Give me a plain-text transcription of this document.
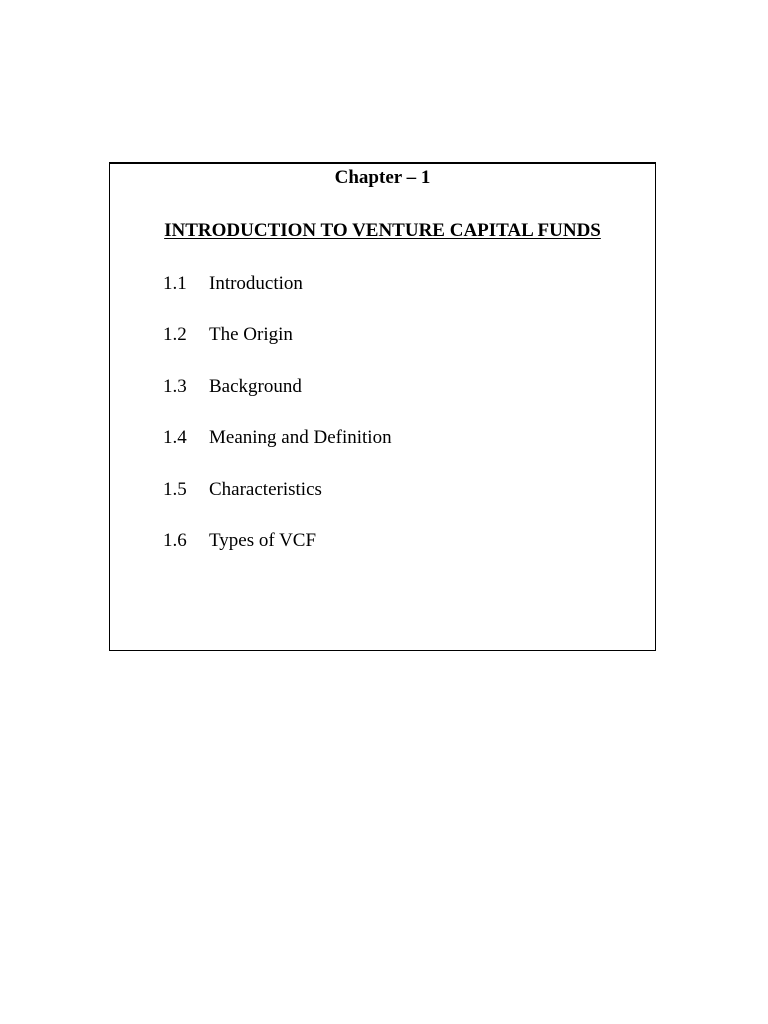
Chapter – 1
INTRODUCTION TO VENTURE CAPITAL FUNDS
1.1 Introduction
1.2 The Origin
1.3 Background
1.4 Meaning and Definition
1.5 Characteristics
1.6 Types of VCF
